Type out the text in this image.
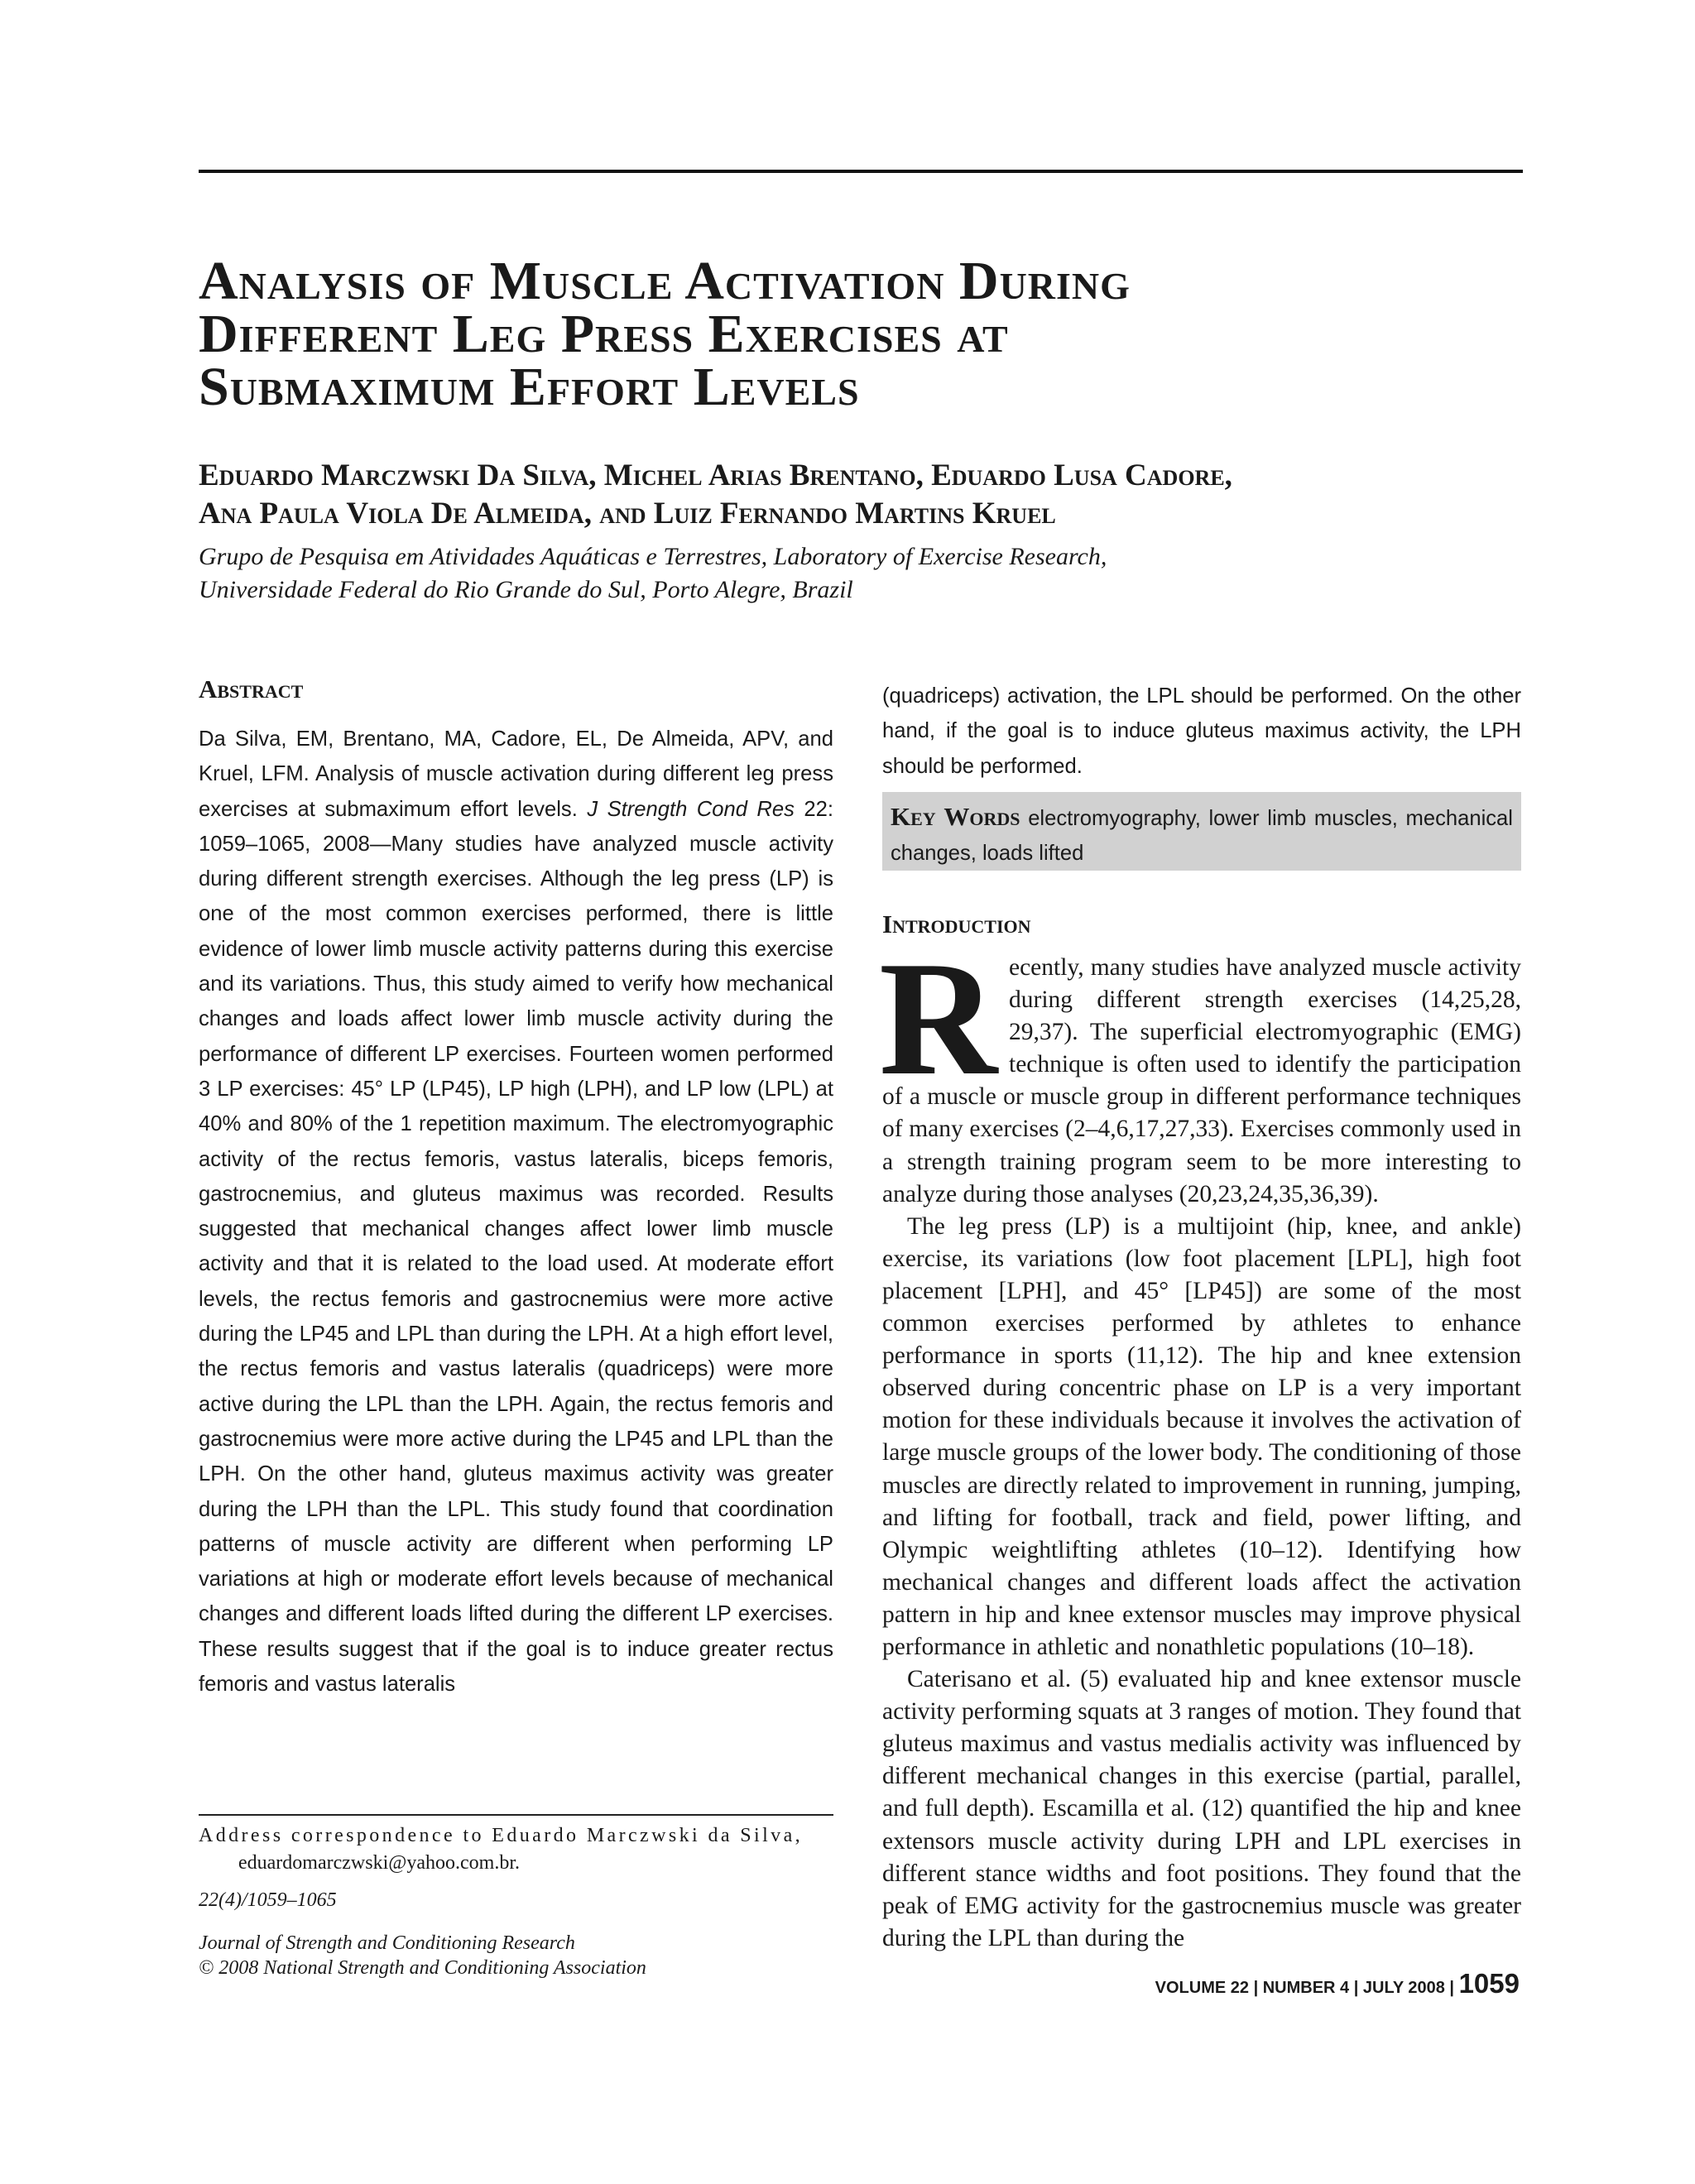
Analysis of Muscle Activation During
Different Leg Press Exercises at
Submaximum Effort Levels
Eduardo Marczwski Da Silva, Michel Arias Brentano, Eduardo Lusa Cadore,
Ana Paula Viola De Almeida, and Luiz Fernando Martins Kruel
Grupo de Pesquisa em Atividades Aquáticas e Terrestres, Laboratory of Exercise Research,
Universidade Federal do Rio Grande do Sul, Porto Alegre, Brazil
Abstract

Da Silva, EM, Brentano, MA, Cadore, EL, De Almeida, APV, and Kruel, LFM. Analysis of muscle activation during different leg press exercises at submaximum effort levels. J Strength Cond Res 22: 1059–1065, 2008—Many studies have analyzed muscle activity during different strength exercises. Although the leg press (LP) is one of the most common exercises performed, there is little evidence of lower limb muscle activity patterns during this exercise and its variations. Thus, this study aimed to verify how mechanical changes and loads affect lower limb muscle activity during the performance of different LP exercises. Fourteen women performed 3 LP exercises: 45° LP (LP45), LP high (LPH), and LP low (LPL) at 40% and 80% of the 1 repetition maximum. The electromyographic activity of the rectus femoris, vastus lateralis, biceps femoris, gastrocnemius, and gluteus maximus was recorded. Results suggested that mechanical changes affect lower limb muscle activity and that it is related to the load used. At moderate effort levels, the rectus femoris and gastrocnemius were more active during the LP45 and LPL than during the LPH. At a high effort level, the rectus femoris and vastus lateralis (quadriceps) were more active during the LPL than the LPH. Again, the rectus femoris and gastrocnemius were more active during the LP45 and LPL than the LPH. On the other hand, gluteus maximus activity was greater during the LPH than the LPL. This study found that coordination patterns of muscle activity are different when performing LP variations at high or moderate effort levels because of mechanical changes and different loads lifted during the different LP exercises. These results suggest that if the goal is to induce greater rectus femoris and vastus lateralis

(quadriceps) activation, the LPL should be performed. On the other hand, if the goal is to induce gluteus maximus activity, the LPH should be performed.

Key Words electromyography, lower limb muscles, mechanical changes, loads lifted

Introduction

Recently, many studies have analyzed muscle activity during different strength exercises (14,25,28, 29,37). The superficial electromyographic (EMG) technique is often used to identify the participation of a muscle or muscle group in different performance techniques of many exercises (2–4,6,17,27,33). Exercises commonly used in a strength training program seem to be more interesting to analyze during those analyses (20,23,24,35,36,39).

The leg press (LP) is a multijoint (hip, knee, and ankle) exercise, its variations (low foot placement [LPL], high foot placement [LPH], and 45° [LP45]) are some of the most common exercises performed by athletes to enhance performance in sports (11,12). The hip and knee extension observed during concentric phase on LP is a very important motion for these individuals because it involves the activation of large muscle groups of the lower body. The conditioning of those muscles are directly related to improvement in running, jumping, and lifting for football, track and field, power lifting, and Olympic weightlifting athletes (10–12). Identifying how mechanical changes and different loads affect the activation pattern in hip and knee extensor muscles may improve physical performance in athletic and nonathletic populations (10–18).

Caterisano et al. (5) evaluated hip and knee extensor muscle activity performing squats at 3 ranges of motion. They found that gluteus maximus and vastus medialis activity was influenced by different mechanical changes in this exercise (partial, parallel, and full depth). Escamilla et al. (12) quantified the hip and knee extensors muscle activity during LPH and LPL exercises in different stance widths and foot positions. They found that the peak of EMG activity for the gastrocnemius muscle was greater during the LPL than during the

Address correspondence to Eduardo Marczwski da Silva,

eduardomarczwski@yahoo.com.br.

22(4)/1059–1065

Journal of Strength and Conditioning Research
© 2008 National Strength and Conditioning Association
VOLUME 22 | NUMBER 4 | JULY 2008 | 1059
